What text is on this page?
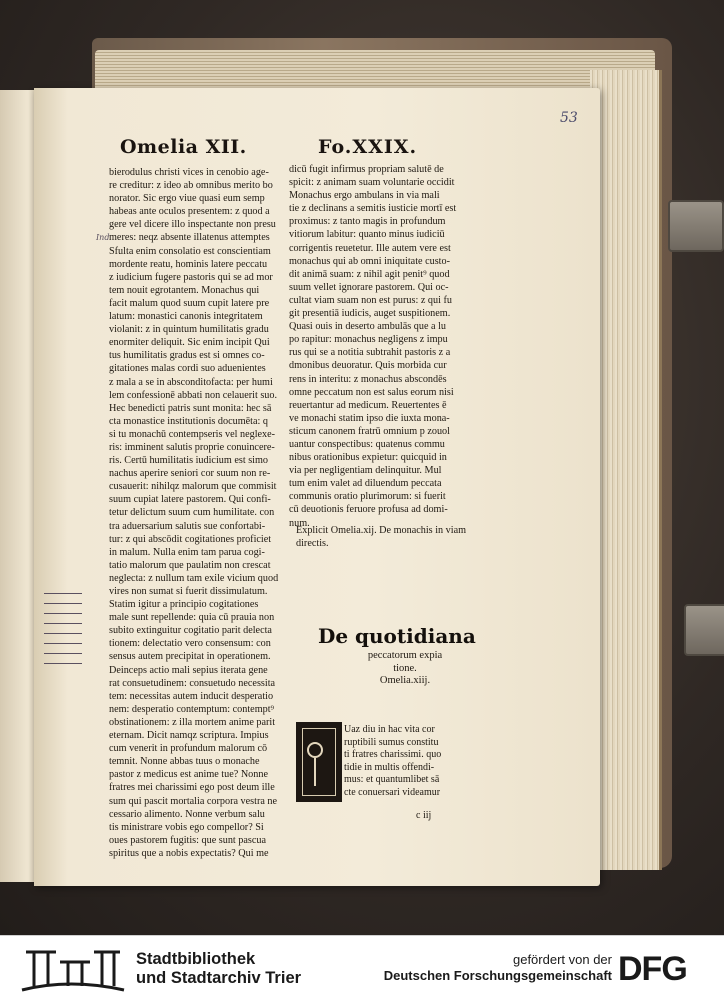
53
Omelia XII.	Fo.XXIX.
Ind
bierodulus christi vices in cenobio age-
re creditur: z ideo ab omnibus merito bo
norator. Sic ergo viue quasi eum semp
habeas ante oculos presentem: z quod a
gere vel dicere illo inspectante non presu
meres: neqz absente illatenus attemptes
Sfulta enim consolatio est conscientiam
mordente reatu, hominis latere peccatu
z iudicium fugere pastoris qui se ad mor
tem nouit egrotantem. Monachus qui
facit malum quod suum cupit latere pre
latum: monastici canonis integritatem
violanit: z in quintum humilitatis gradu
enormiter deliquit. Sic enim incipit Qui
tus humilitatis gradus est si omnes co-
gitationes malas cordi suo aduenientes
z mala a se in absconditofacta: per humi
lem confessionē abbati non celauerit suo.
Hec benedicti patris sunt monita: hec sā
cta monastice institutionis documēta: q
si tu monachū contempseris vel neglexe-
ris: imminent salutis proprie conuincere-
ris. Certū humilitatis iudicium est simo
nachus aperire seniori cor suum non re-
cusauerit: nihilqz malorum que commisit
suum cupiat latere pastorem. Qui confi-
tetur delictum suum cum humilitate. con
tra aduersarium salutis sue confortabi-
tur: z qui abscōdit cogitationes proficiet
in malum. Nulla enim tam parua cogi-
tatio malorum que paulatim non crescat
neglecta: z nullum tam exile vicium quod
vires non sumat si fuerit dissimulatum.
Statim igitur a principio cogitationes
male sunt repellende: quia cū prauia non
subito extinguitur cogitatio parit delecta
tionem: delectatio vero consensum: con
sensus autem precipitat in operationem.
Deinceps actio mali sepius iterata gene
rat consuetudinem: consuetudo necessita
tem: necessitas autem inducit desperatio
nem: desperatio contemptum: contempt⁹
obstinationem: z illa mortem anime parit
eternam. Dicit namqz scriptura. Impius
cum venerit in profundum malorum cō
temnit. Nonne abbas tuus o monache
pastor z medicus est anime tue? Nonne
fratres mei charissimi ego post deum ille
sum qui pascit mortalia corpora vestra ne
cessario alimento. Nonne verbum salu
tis ministrare vobis ego compellor? Si
oues pastorem fugitis: que sunt pascua
spiritus que a nobis expectatis? Qui me
dicū fugit infirmus propriam salutē de
spicit: z animam suam voluntarie occidit
Monachus ergo ambulans in via mali
tie z declinans a semitis iusticie mortī est
proximus: z tanto magis in profundum
vitiorum labitur: quanto minus iudiciū
corrigentis reuetetur. Ille autem vere est
monachus qui ab omni iniquitate custo-
dit animā suam: z nihil agit penit⁹ quod
suum vellet ignorare pastorem. Qui oc-
cultat viam suam non est purus: z qui fu
git presentiā iudicis, auget suspitionem.
Quasi ouis in deserto ambulās que a lu
po rapitur: monachus negligens z impu
rus qui se a notitia subtrahit pastoris z a
dmonibus deuoratur. Quis morbida cur
rens in interitu: z monachus abscondēs
omne peccatum non est salus eorum nisi
reuertantur ad medicum. Reuertentes ē
ve monachi statim ipso die iuxta mona-
sticum canonem fratrū omnium p zouol
uantur conspectibus: quatenus commu
nibus orationibus expietur: quicquid in
via per negligentiam delinquitur. Mul
tum enim valet ad diluendum peccata
communis oratio plurimorum: si fuerit
cū deuotionis feruore profusa ad domi-
num.
Explicit Omelia.xij. De monachis in viam directis.
De quotidiana
peccatorum expia
tione.
Omelia.xiij.
Uaz diu in hac vita cor
ruptibili sumus constitu
ti fratres charissimi. quo
tidie in multis offendi-
mus: et quantumlibet sā
cte conuersari videamur
c iij
Stadtbibliothek
und Stadtarchiv Trier
gefördert von der
Deutschen Forschungsgemeinschaft DFG
